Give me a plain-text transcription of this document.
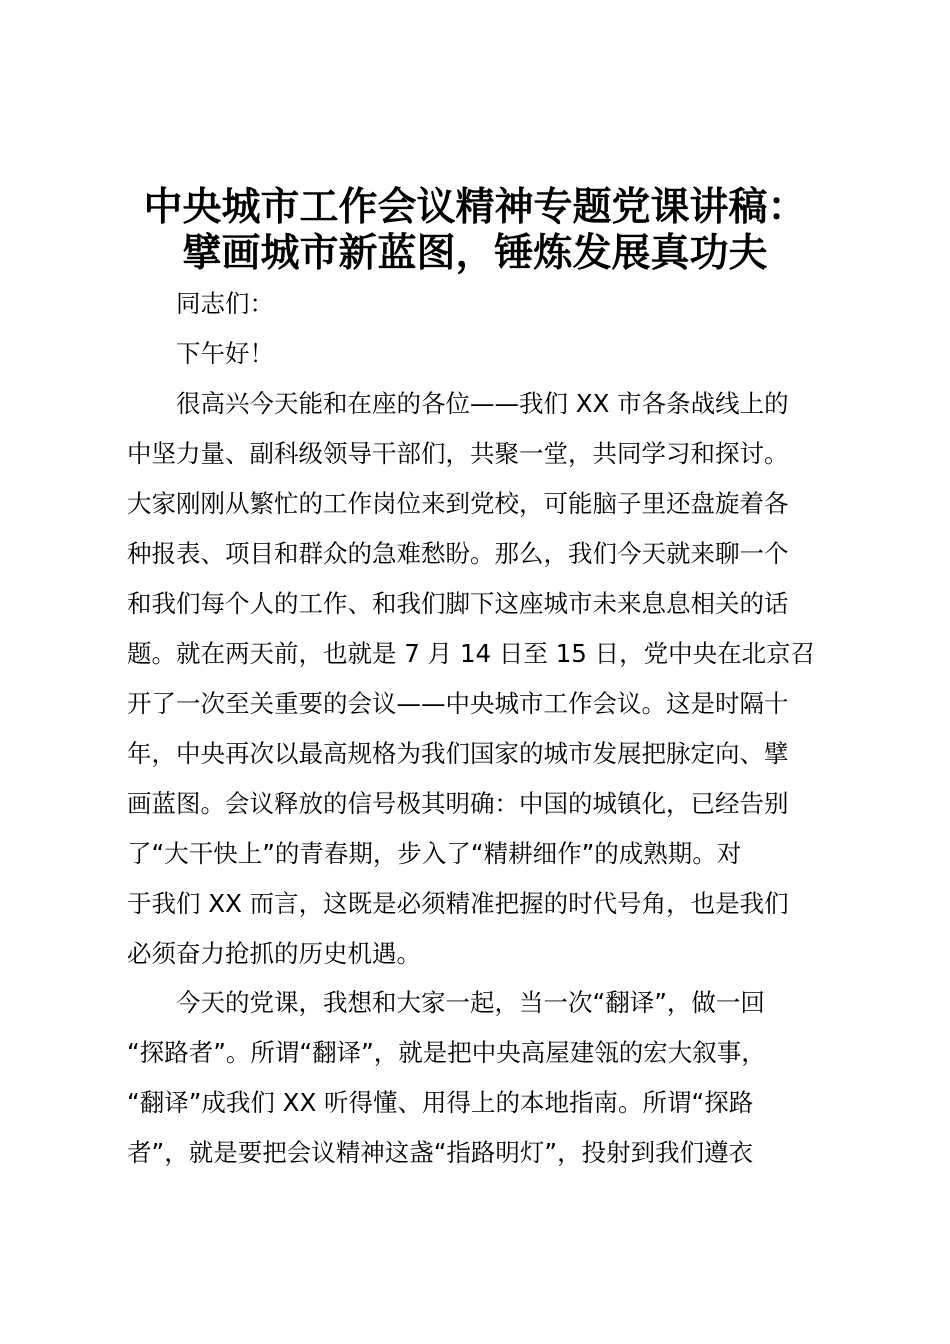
中央城市工作会议精神专题党课讲稿：
擘画城市新蓝图，锤炼发展真功夫

同志们：

下午好！

很高兴今天能和在座的各位——我们 XX 市各条战线上的
中坚力量、副科级领导干部们，共聚一堂，共同学习和探讨。
大家刚刚从繁忙的工作岗位来到党校，可能脑子里还盘旋着各
种报表、项目和群众的急难愁盼。那么，我们今天就来聊一个
和我们每个人的工作、和我们脚下这座城市未来息息相关的话
题。就在两天前，也就是 7 月 14 日至 15 日，党中央在北京召
开了一次至关重要的会议——中央城市工作会议。这是时隔十
年，中央再次以最高规格为我们国家的城市发展把脉定向、擘
画蓝图。会议释放的信号极其明确：中国的城镇化，已经告别
了“大干快上”的青春期，步入了“精耕细作”的成熟期。对
于我们 XX 而言，这既是必须精准把握的时代号角，也是我们
必须奋力抢抓的历史机遇。
今天的党课，我想和大家一起，当一次“翻译”，做一回
“探路者”。所谓“翻译”，就是把中央高屋建瓴的宏大叙事，
“翻译”成我们 XX 听得懂、用得上的本地指南。所谓“探路
者”，就是要把会议精神这盏“指路明灯”，投射到我们遵衣
